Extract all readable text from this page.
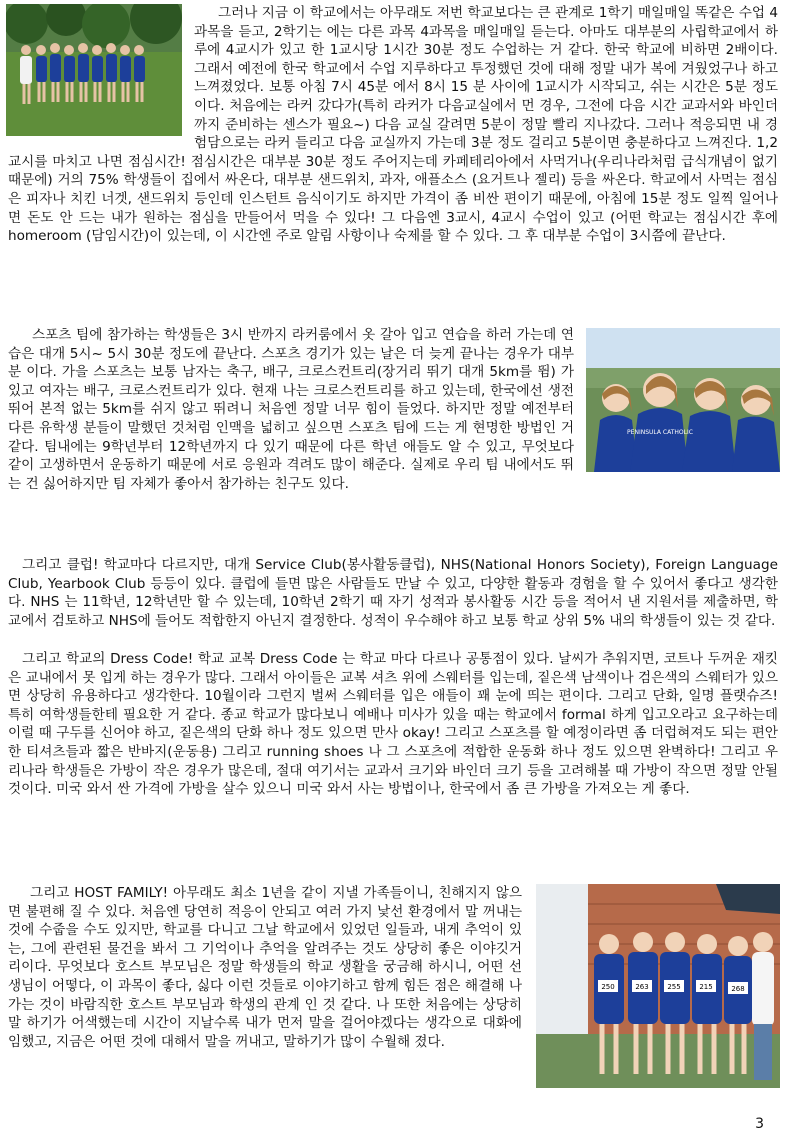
그러나 지금 이 학교에서는 아무래도 저번 학교보다는 큰 관계로 1학기 매일매일 똑같은 수업 4과목을 듣고, 2학기는 에는 다른 과목 4과목을 매일매일 듣는다. 아마도 대부분의 사립학교에서 하루에 4교시가 있고 한 1교시당 1시간 30분 정도 수업하는 거 같다. 한국 학교에 비하면 2배이다. 그래서 예전에 한국 학교에서 수업 지루하다고 투정했던 것에 대해 정말 내가 복에 겨웠었구나 하고 느껴졌었다. 보통 아침 7시 45분 에서 8시 15 분 사이에 1교시가 시작되고, 쉬는 시간은 5분 정도이다. 처음에는 라커 갔다가(특히 라커가 다음교실에서 먼 경우, 그전에 다음 시간 교과서와 바인더까지 준비하는 센스가 필요~) 다음 교실 갈려면 5분이 정말 빨리 지나갔다. 그러나 적응되면 내 경험담으로는 라커 들리고 다음 교실까지 가는데 3분 정도 걸리고 5분이면 충분하다고 느껴진다. 1,2교시를 마치고 나면 점심시간! 점심시간은 대부분 30분 정도 주어지는데 카페테리아에서 사먹거나(우리나라처럼 급식개념이 없기 때문에) 거의 75% 학생들이 집에서 싸온다, 대부분 샌드위치, 과자, 애플소스 (요거트나 젤리) 등을 싸온다. 학교에서 사먹는 점심은 피자나 치킨 너겟, 샌드위치 등인데 인스턴트 음식이기도 하지만 가격이 좀 비싼 편이기 때문에, 아침에 15분 정도 일찍 일어나면 돈도 안 드는 내가 원하는 점심을 만들어서 먹을 수 있다! 그 다음엔 3교시, 4교시 수업이 있고 (어떤 학교는 점심시간 후에 homeroom (담임시간)이 있는데, 이 시간엔 주로 알림 사항이나 숙제를 할 수 있다. 그 후 대부분 수업이 3시쯤에 끝난다.
PENINSULA CATHOLIC
스포츠 팀에 참가하는 학생들은 3시 반까지 라커룸에서 옷 갈아 입고 연습을 하러 가는데 연습은 대개 5시~ 5시 30분 정도에 끝난다. 스포츠 경기가 있는 날은 더 늦게 끝나는 경우가 대부분 이다. 가을 스포츠는 보통 남자는 축구, 배구, 크로스컨트리(장거리 뛰기 대개 5km를 뜀) 가 있고 여자는 배구, 크로스컨트리가 있다. 현재 나는 크로스컨트리를 하고 있는데, 한국에선 생전 뛰어 본적 없는 5km를 쉬지 않고 뛰려니 처음엔 정말 너무 힘이 들었다. 하지만 정말 예전부터 다른 유학생 분들이 말했던 것처럼 인맥을 넓히고 싶으면 스포츠 팀에 드는 게 현명한 방법인 거 같다. 팀내에는 9학년부터 12학년까지 다 있기 때문에 다른 학년 애들도 알 수 있고, 무엇보다 같이 고생하면서 운동하기 때문에 서로 응원과 격려도 많이 해준다. 실제로 우리 팀 내에서도 뛰는 건 싫어하지만 팀 자체가 좋아서 참가하는 친구도 있다.
그리고 클럽! 학교마다 다르지만, 대개 Service Club(봉사활동클럽), NHS(National Honors Society), Foreign Language Club, Yearbook Club 등등이 있다. 클럽에 들면 많은 사람들도 만날 수 있고, 다양한 활동과 경험을 할 수 있어서 좋다고 생각한다. NHS 는 11학년, 12학년만 할 수 있는데, 10학년 2학기 때 자기 성적과 봉사활동 시간 등을 적어서 낸 지원서를 제출하면, 학교에서 검토하고 NHS에 들어도 적합한지 아닌지 결정한다. 성적이 우수해야 하고 보통 학교 상위 5% 내의 학생들이 있는 것 같다.
그리고 학교의 Dress Code! 학교 교복 Dress Code 는 학교 마다 다르나 공통점이 있다. 날씨가 추워지면, 코트나 두꺼운 재킷은 교내에서 못 입게 하는 경우가 많다. 그래서 아이들은 교복 셔츠 위에 스웨터를 입는데, 짙은색 남색이나 검은색의 스웨터가 있으면 상당히 유용하다고 생각한다. 10월이라 그런지 벌써 스웨터를 입은 애들이 꽤 눈에 띄는 편이다. 그리고 단화, 일명 플랫슈즈! 특히 여학생들한테 필요한 거 같다. 종교 학교가 많다보니 예배나 미사가 있을 때는 학교에서 formal 하게 입고오라고 요구하는데 이럴 때 구두를 신어야 하고, 짙은색의 단화 하나 정도 있으면 만사 okay! 그리고 스포츠를 할 예정이라면 좀 더럽혀져도 되는 편안한 티셔츠들과 짧은 반바지(운동용) 그리고 running shoes 나 그 스포츠에 적합한 운동화 하나 정도 있으면 완벽하다! 그리고 우리나라 학생들은 가방이 작은 경우가 많은데, 절대 여기서는 교과서 크기와 바인더 크기 등을 고려해볼 때 가방이 작으면 정말 안될 것이다. 미국 와서 싼 가격에 가방을 살수 있으니 미국 와서 사는 방법이나, 한국에서 좀 큰 가방을 가져오는 게 좋다.
250	263	255	215	268
그리고 HOST FAMILY! 아무래도 최소 1년을 같이 지낼 가족들이니, 친해지지 않으면 불편해 질 수 있다. 처음엔 당연히 적응이 안되고 여러 가지 낯선 환경에서 말 꺼내는 것에 수줍을 수도 있지만, 학교를 다니고 그날 학교에서 있었던 일들과, 내게 추억이 있는, 그에 관련된 물건을 봐서 그 기억이나 추억을 알려주는 것도 상당히 좋은 이야깃거리이다. 무엇보다 호스트 부모님은 정말 학생들의 학교 생활을 궁금해 하시니, 어떤 선생님이 어떻다, 이 과목이 좋다, 싫다 이런 것들로 이야기하고 함께 힘든 점은 해결해 나가는 것이 바람직한 호스트 부모님과 학생의 관계 인 것 같다. 나 또한 처음에는 상당히 말 하기가 어색했는데 시간이 지날수록 내가 먼저 말을 걸어야겠다는 생각으로 대화에 임했고, 지금은 어떤 것에 대해서 말을 꺼내고, 말하기가 많이 수월해 졌다.
3
